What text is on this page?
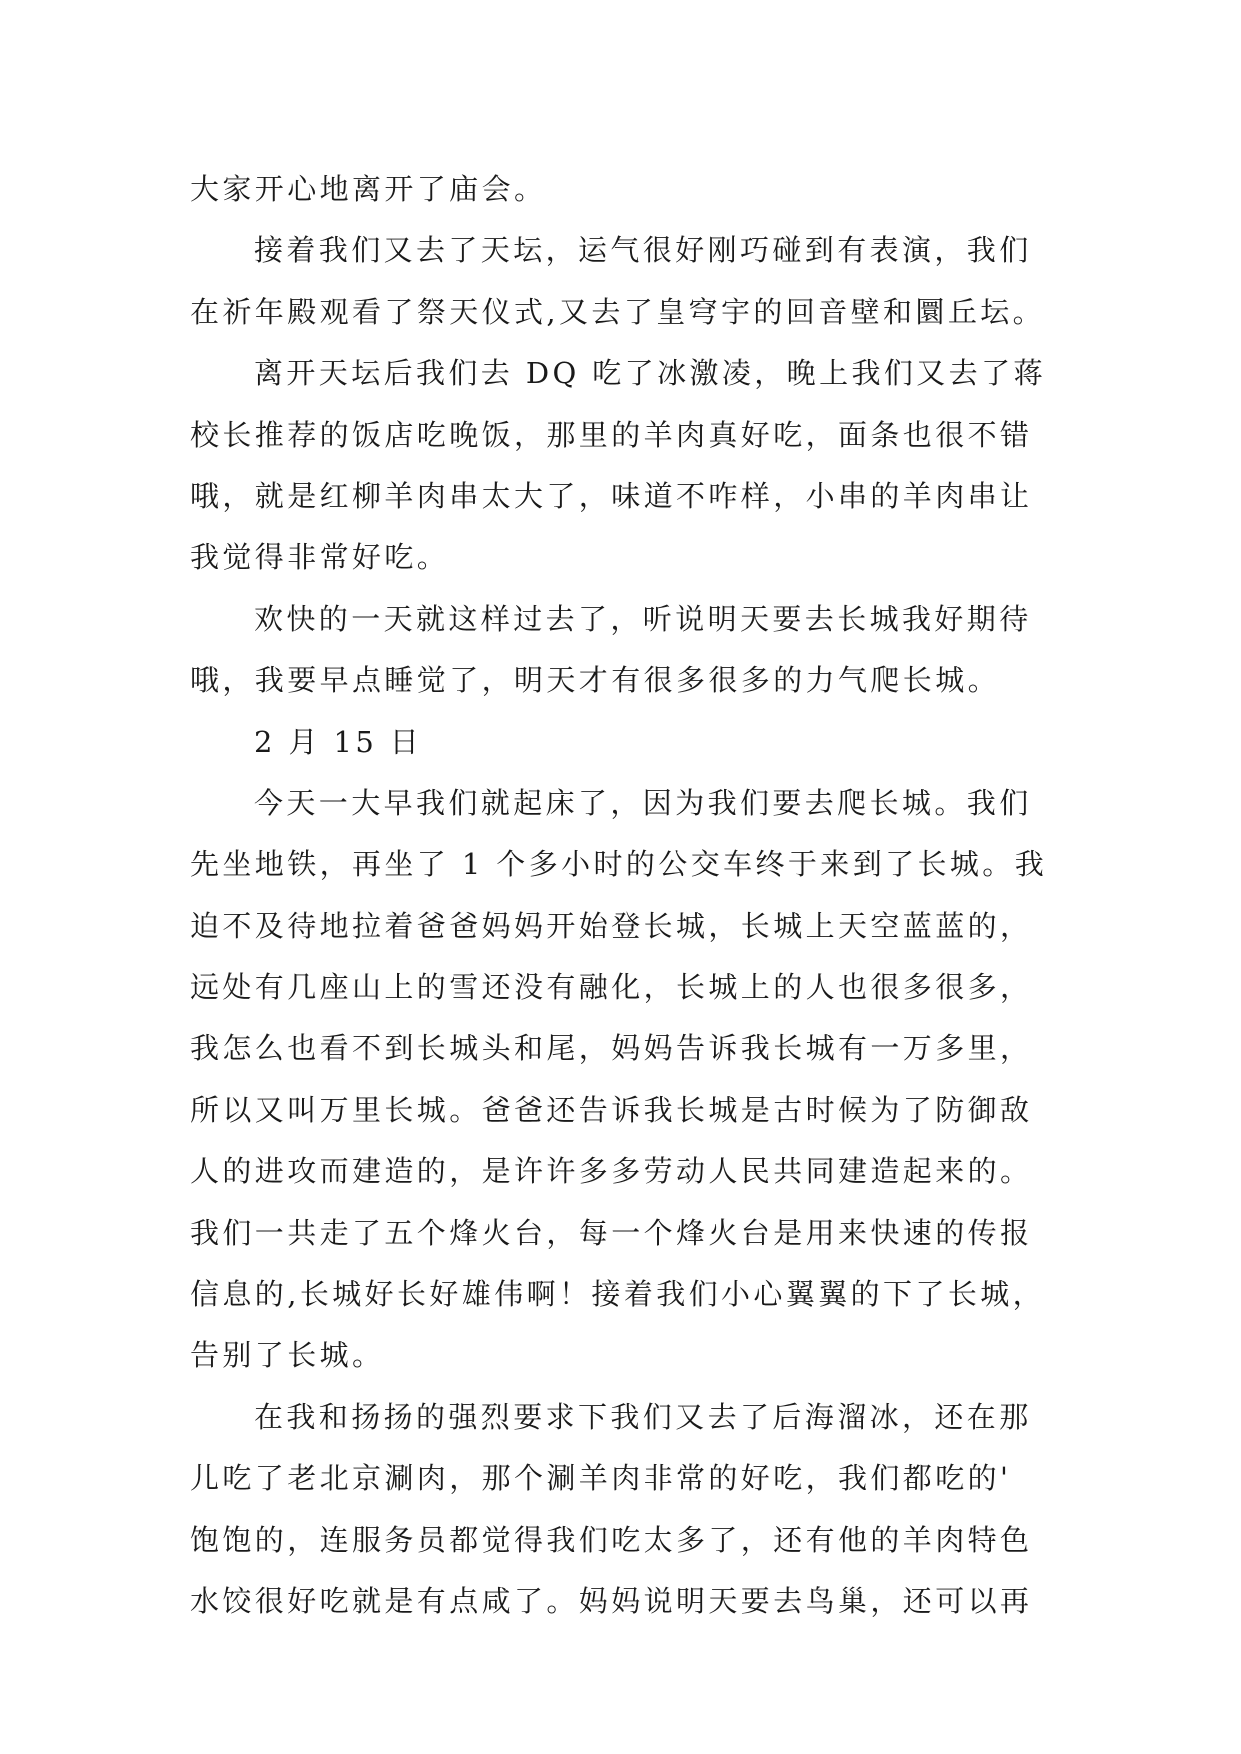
大家开心地离开了庙会。
接着我们又去了天坛，运气很好刚巧碰到有表演，我们
在祈年殿观看了祭天仪式,又去了皇穹宇的回音壁和圜丘坛。
离开天坛后我们去 DQ 吃了冰激凌，晚上我们又去了蒋
校长推荐的饭店吃晚饭，那里的羊肉真好吃，面条也很不错
哦，就是红柳羊肉串太大了，味道不咋样，小串的羊肉串让
我觉得非常好吃。
欢快的一天就这样过去了，听说明天要去长城我好期待
哦，我要早点睡觉了，明天才有很多很多的力气爬长城。
2 月 15 日
今天一大早我们就起床了，因为我们要去爬长城。我们
先坐地铁，再坐了 1 个多小时的公交车终于来到了长城。我
迫不及待地拉着爸爸妈妈开始登长城，长城上天空蓝蓝的，
远处有几座山上的雪还没有融化，长城上的人也很多很多，
我怎么也看不到长城头和尾，妈妈告诉我长城有一万多里，
所以又叫万里长城。爸爸还告诉我长城是古时候为了防御敌
人的进攻而建造的，是许许多多劳动人民共同建造起来的。
我们一共走了五个烽火台，每一个烽火台是用来快速的传报
信息的,长城好长好雄伟啊！接着我们小心翼翼的下了长城，
告别了长城。
在我和扬扬的强烈要求下我们又去了后海溜冰，还在那
儿吃了老北京涮肉，那个涮羊肉非常的好吃，我们都吃的'
饱饱的，连服务员都觉得我们吃太多了，还有他的羊肉特色
水饺很好吃就是有点咸了。妈妈说明天要去鸟巢，还可以再
